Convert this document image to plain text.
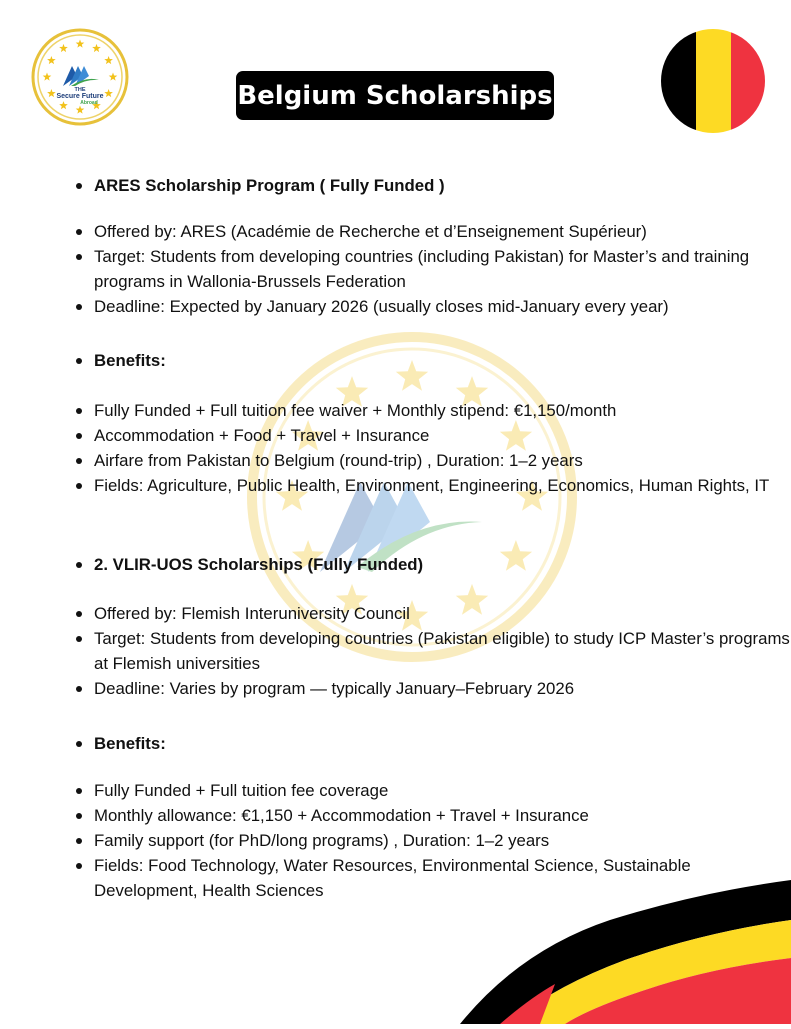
THE
Secure Future
Abroad	Belgium Scholarships
ARES Scholarship Program ( Fully Funded )
Offered by: ARES (Académie de Recherche et d’Enseignement Supérieur)
Target: Students from developing countries (including Pakistan) for Master’s and training programs in Wallonia-Brussels Federation
Deadline: Expected by January 2026 (usually closes mid-January every year)
Benefits:
Fully Funded + Full tuition fee waiver + Monthly stipend: €1,150/month
Accommodation + Food + Travel + Insurance
Airfare from Pakistan to Belgium (round-trip) , Duration: 1–2 years
Fields: Agriculture, Public Health, Environment, Engineering, Economics, Human Rights, IT
2. VLIR-UOS Scholarships (Fully Funded)
Offered by: Flemish Interuniversity Council
Target: Students from developing countries (Pakistan eligible) to study ICP Master’s programs at Flemish universities
Deadline: Varies by program — typically January–February 2026
Benefits:
Fully Funded + Full tuition fee coverage
Monthly allowance: €1,150 + Accommodation + Travel + Insurance
Family support (for PhD/long programs) , Duration: 1–2 years
Fields: Food Technology, Water Resources, Environmental Science, Sustainable Development, Health Sciences
